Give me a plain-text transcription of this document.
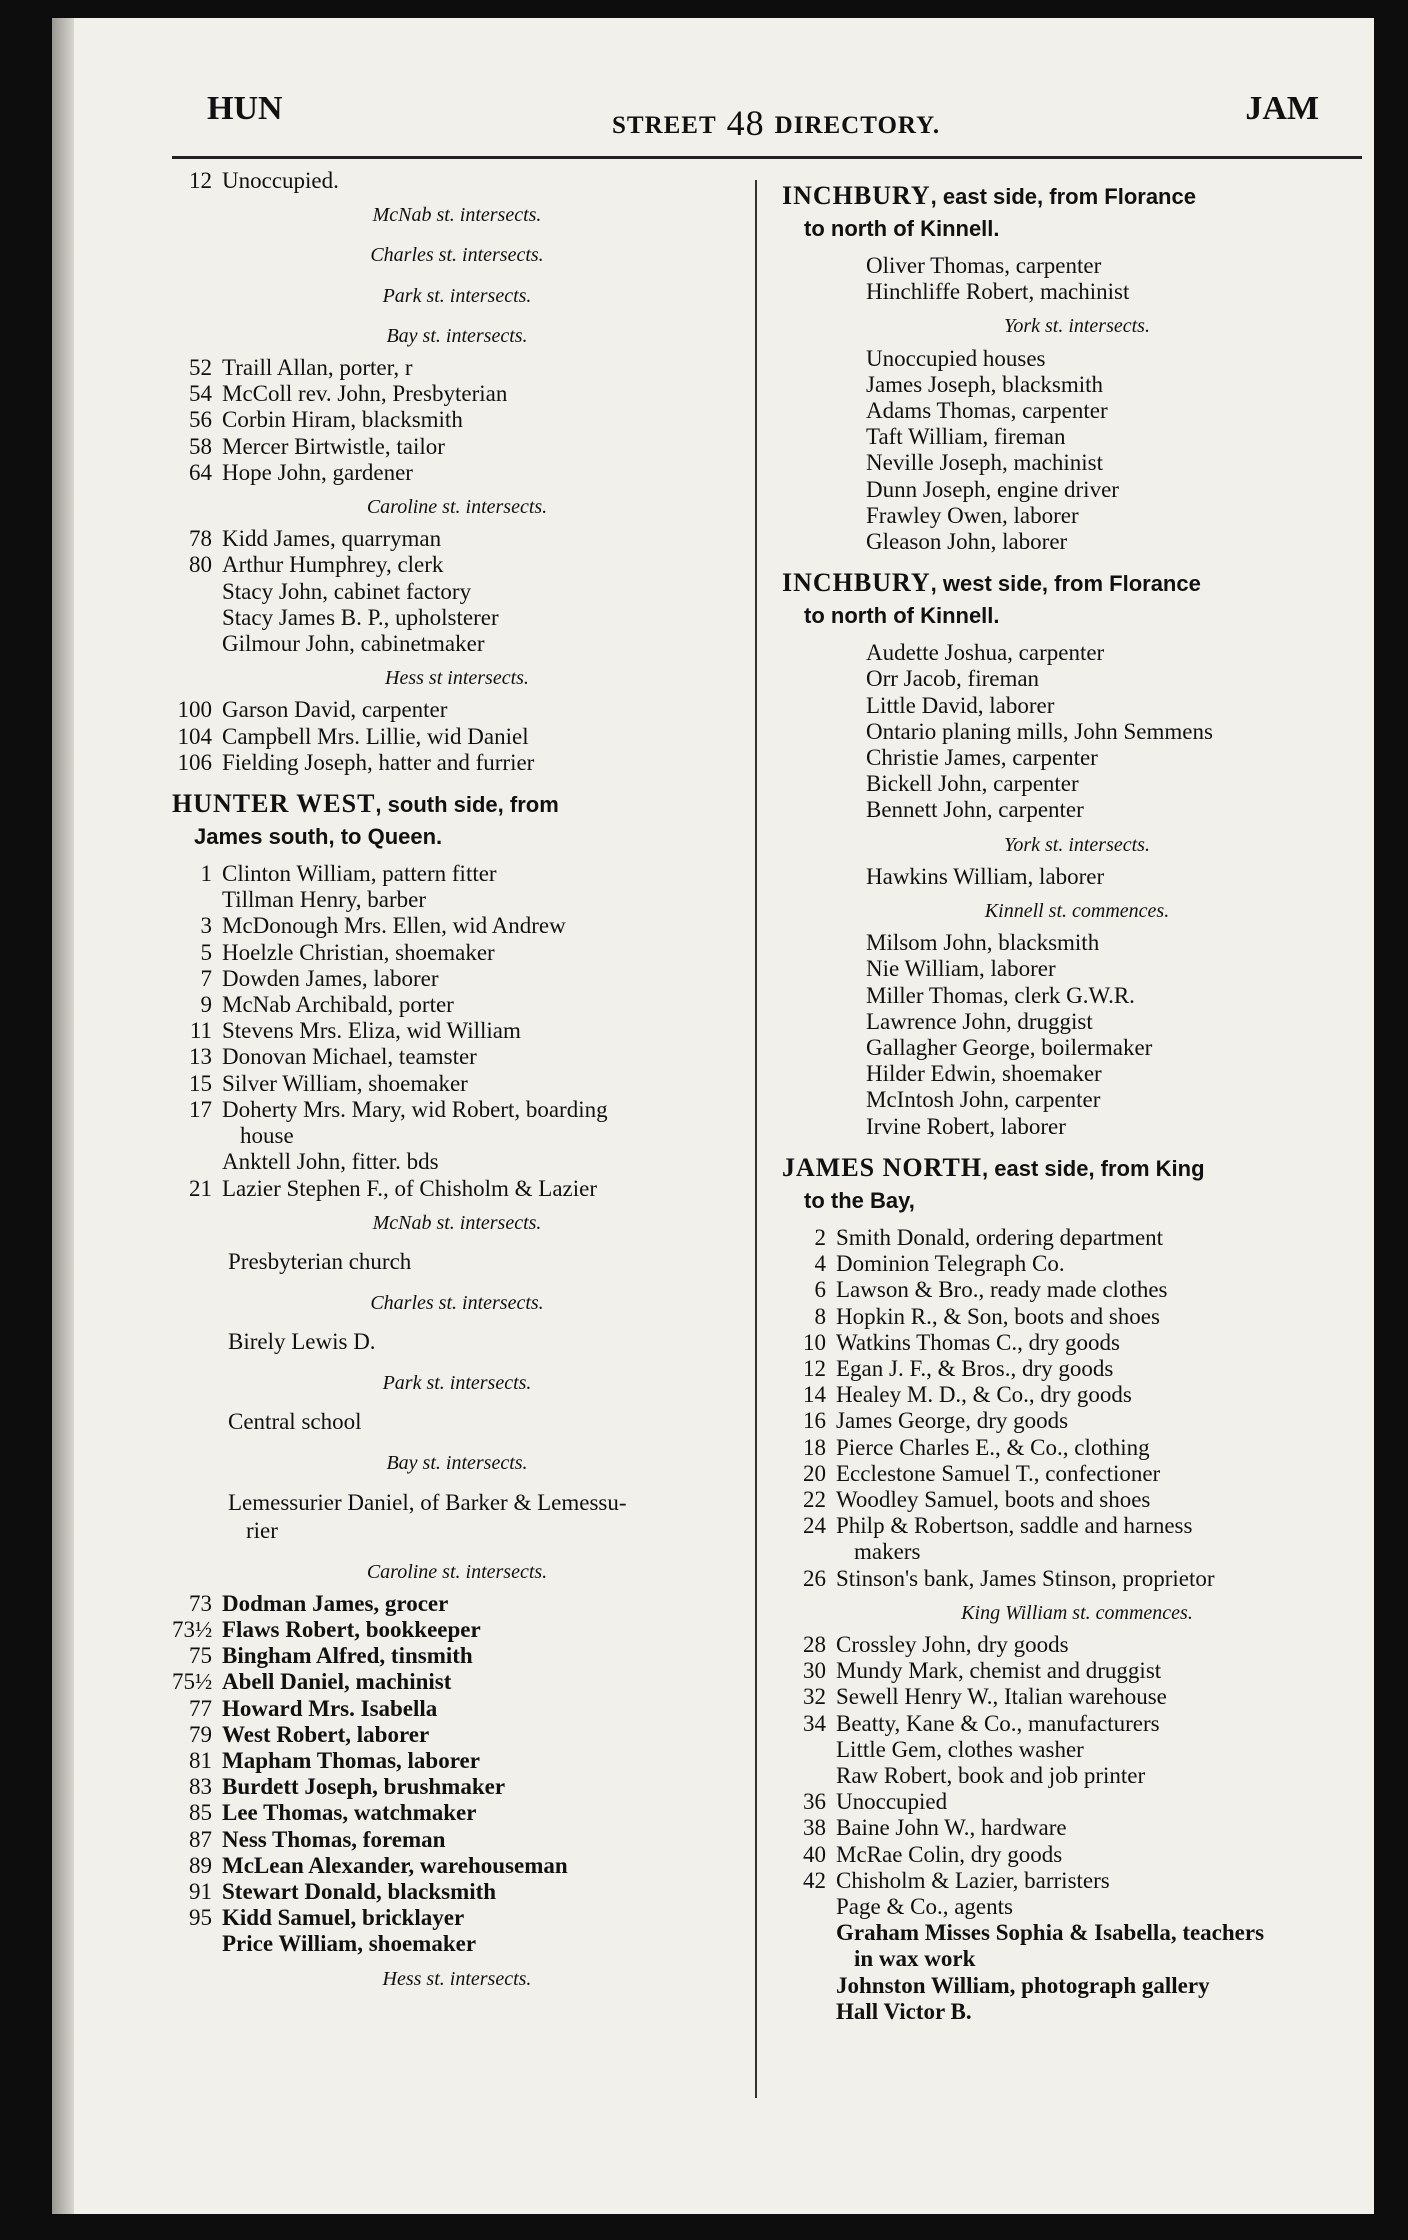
HUN	STREET 48 DIRECTORY.	JAM
12 Unoccupied.
McNab st. intersects.
Charles st. intersects.
Park st. intersects.
Bay st. intersects.
52 Traill Allan, porter, r
54 McColl rev. John, Presbyterian
56 Corbin Hiram, blacksmith
58 Mercer Birtwistle, tailor
64 Hope John, gardener
Caroline st. intersects.
78 Kidd James, quarryman
80 Arthur Humphrey, clerk
Stacy John, cabinet factory
Stacy James B. P., upholsterer
Gilmour John, cabinetmaker
Hess st intersects.
100 Garson David, carpenter
104 Campbell Mrs. Lillie, wid Daniel
106 Fielding Joseph, hatter and furrier
HUNTER WEST, south side, from
James south, to Queen.
1 Clinton William, pattern fitter
Tillman Henry, barber
3 McDonough Mrs. Ellen, wid Andrew
5 Hoelzle Christian, shoemaker
7 Dowden James, laborer
9 McNab Archibald, porter
11 Stevens Mrs. Eliza, wid William
13 Donovan Michael, teamster
15 Silver William, shoemaker
17 Doherty Mrs. Mary, wid Robert, boarding
house
Anktell John, fitter. bds
21 Lazier Stephen F., of Chisholm & Lazier
McNab st. intersects.
Presbyterian church
Charles st. intersects.
Birely Lewis D.
Park st. intersects.
Central school
Bay st. intersects.
Lemessurier Daniel, of Barker & Lemessu-
rier
Caroline st. intersects.
73 Dodman James, grocer
73½ Flaws Robert, bookkeeper
75 Bingham Alfred, tinsmith
75½ Abell Daniel, machinist
77 Howard Mrs. Isabella
79 West Robert, laborer
81 Mapham Thomas, laborer
83 Burdett Joseph, brushmaker
85 Lee Thomas, watchmaker
87 Ness Thomas, foreman
89 McLean Alexander, warehouseman
91 Stewart Donald, blacksmith
95 Kidd Samuel, bricklayer
Price William, shoemaker
Hess st. intersects.
INCHBURY, east side, from Florance
to north of Kinnell.
Oliver Thomas, carpenter
Hinchliffe Robert, machinist
York st. intersects.
Unoccupied houses
James Joseph, blacksmith
Adams Thomas, carpenter
Taft William, fireman
Neville Joseph, machinist
Dunn Joseph, engine driver
Frawley Owen, laborer
Gleason John, laborer
INCHBURY, west side, from Florance
to north of Kinnell.
Audette Joshua, carpenter
Orr Jacob, fireman
Little David, laborer
Ontario planing mills, John Semmens
Christie James, carpenter
Bickell John, carpenter
Bennett John, carpenter
York st. intersects.
Hawkins William, laborer
Kinnell st. commences.
Milsom John, blacksmith
Nie William, laborer
Miller Thomas, clerk G.W.R.
Lawrence John, druggist
Gallagher George, boilermaker
Hilder Edwin, shoemaker
McIntosh John, carpenter
Irvine Robert, laborer
JAMES NORTH, east side, from King
to the Bay,
2 Smith Donald, ordering department
4 Dominion Telegraph Co.
6 Lawson & Bro., ready made clothes
8 Hopkin R., & Son, boots and shoes
10 Watkins Thomas C., dry goods
12 Egan J. F., & Bros., dry goods
14 Healey M. D., & Co., dry goods
16 James George, dry goods
18 Pierce Charles E., & Co., clothing
20 Ecclestone Samuel T., confectioner
22 Woodley Samuel, boots and shoes
24 Philp & Robertson, saddle and harness
makers
26 Stinson's bank, James Stinson, proprietor
King William st. commences.
28 Crossley John, dry goods
30 Mundy Mark, chemist and druggist
32 Sewell Henry W., Italian warehouse
34 Beatty, Kane & Co., manufacturers
Little Gem, clothes washer
Raw Robert, book and job printer
36 Unoccupied
38 Baine John W., hardware
40 McRae Colin, dry goods
42 Chisholm & Lazier, barristers
Page & Co., agents
Graham Misses Sophia & Isabella, teachers
in wax work
Johnston William, photograph gallery
Hall Victor B.
